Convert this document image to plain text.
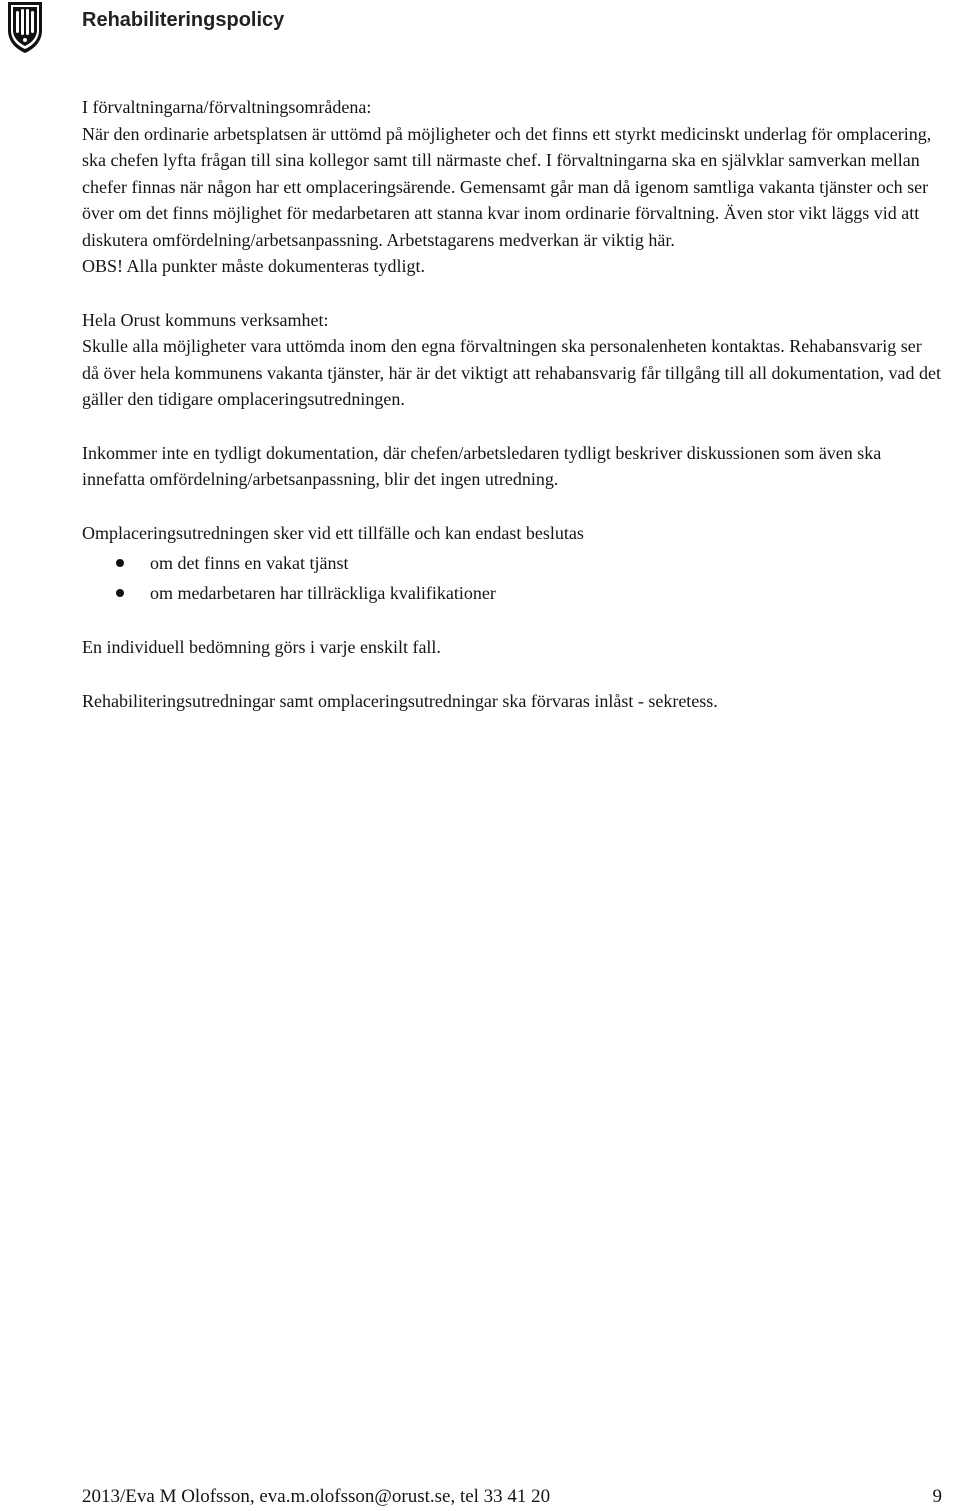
Rehabiliteringspolicy

I förvaltningarna/förvaltningsområdena:

När den ordinarie arbetsplatsen är uttömd på möjligheter och det finns ett styrkt medicinskt underlag för omplacering, ska chefen lyfta frågan till sina kollegor samt till närmaste chef. I förvaltningarna ska en självklar samverkan mellan chefer finnas när någon har ett omplaceringsärende. Gemensamt går man då igenom samtliga vakanta tjänster och ser över om det finns möjlighet för medarbetaren att stanna kvar inom ordinarie förvaltning. Även stor vikt läggs vid att diskutera omfördelning/arbetsanpassning. Arbetstagarens medverkan är viktig här.

OBS! Alla punkter måste dokumenteras tydligt.

Hela Orust kommuns verksamhet:

Skulle alla möjligheter vara uttömda inom den egna förvaltningen ska personalenheten kontaktas. Rehabansvarig ser då över hela kommunens vakanta tjänster, här är det viktigt att rehabansvarig får tillgång till all dokumentation, vad det gäller den tidigare omplaceringsutredningen.

Inkommer inte en tydligt dokumentation, där chefen/arbetsledaren tydligt beskriver diskussionen som även ska innefatta omfördelning/arbetsanpassning, blir det ingen utredning.

Omplaceringsutredningen sker vid ett tillfälle och kan endast beslutas

om det finns en vakat tjänst
om medarbetaren har tillräckliga kvalifikationer

En individuell bedömning görs i varje enskilt fall.

Rehabiliteringsutredningar samt omplaceringsutredningar ska förvaras inlåst - sekretess.

2013/Eva M Olofsson, eva.m.olofsson@orust.se, tel 33 41 20	9
